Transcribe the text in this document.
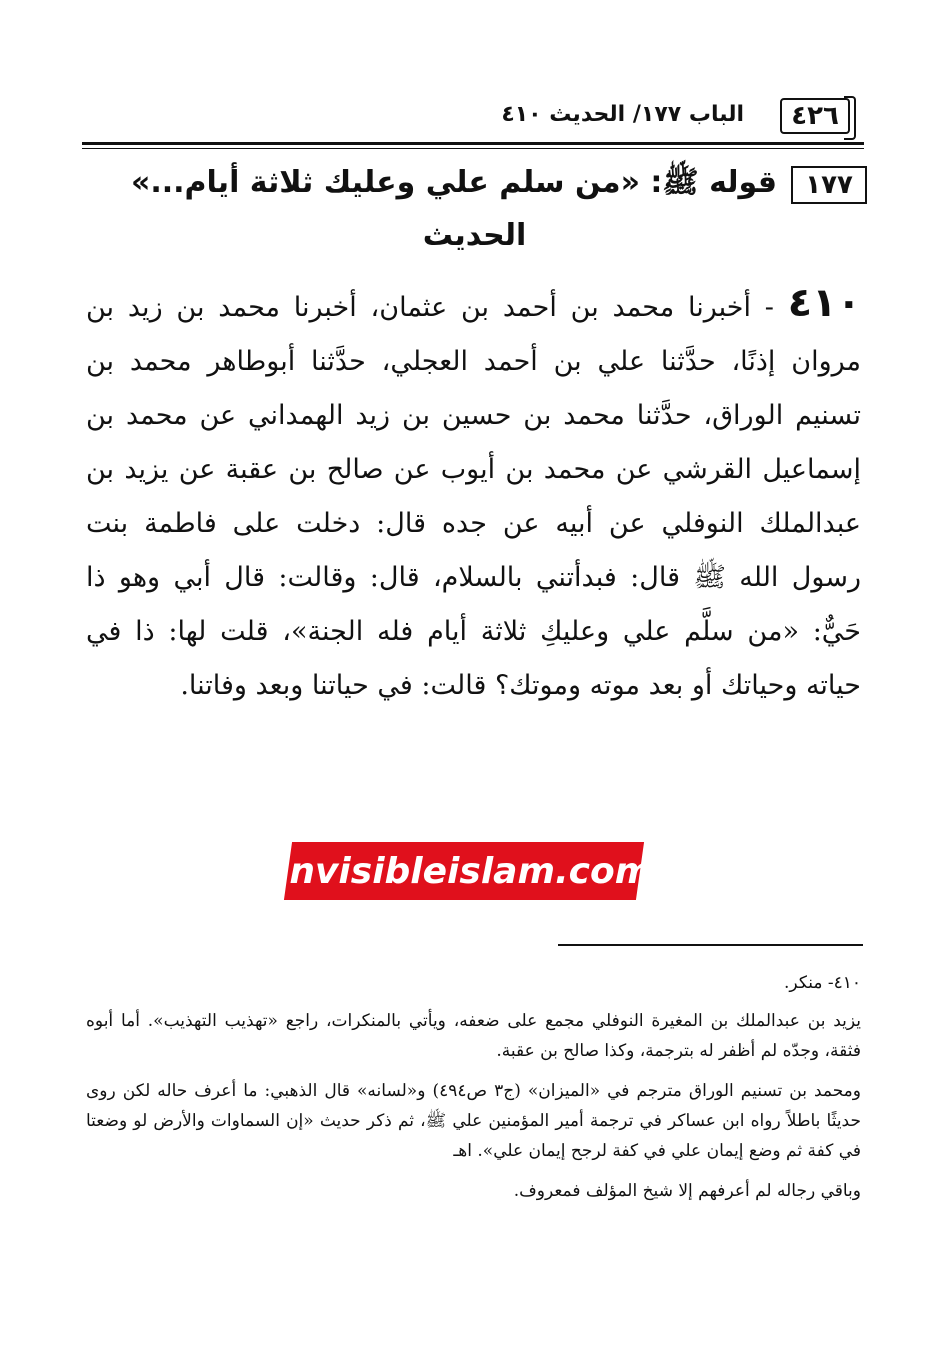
٤٢٦
الباب ١٧٧/ الحديث ٤١٠
١٧٧
قوله ﷺ: «من سلم علي وعليك ثلاثة أيام...»
الحديث

٤١٠ - أخبرنا محمد بن أحمد بن عثمان، أخبرنا محمد بن زيد بن مروان إذنًا، حدَّثنا علي بن أحمد العجلي، حدَّثنا أبوطاهر محمد بن تسنيم الوراق، حدَّثنا محمد بن حسين بن زيد الهمداني عن محمد بن إسماعيل القرشي عن محمد بن أيوب عن صالح بن عقبة عن يزيد بن عبدالملك النوفلي عن أبيه عن جده قال: دخلت على فاطمة بنت رسول الله ﷺ قال: فبدأتني بالسلام، قال: وقالت: قال أبي وهو ذا حَيٌّ: «من سلَّم علي وعليكِ ثلاثة أيام فله الجنة»، قلت لها: ذا في حياته وحياتك أو بعد موته وموتك؟ قالت: في حياتنا وبعد وفاتنا.

Invisibleislam.com

٤١٠- منكر.

يزيد بن عبدالملك بن المغيرة النوفلي مجمع على ضعفه، ويأتي بالمنكرات، راجع «تهذيب التهذيب». أما أبوه فثقة، وجدّه لم أظفر له بترجمة، وكذا صالح بن عقبة.

ومحمد بن تسنيم الوراق مترجم في «الميزان» (ج٣ ص٤٩٤) و«لسانه» قال الذهبي: ما أعرف حاله لكن روى حديثًا باطلاً رواه ابن عساكر في ترجمة أمير المؤمنين علي ﷺ، ثم ذكر حديث «إن السماوات والأرض لو وضعتا في كفة ثم وضع إيمان علي في كفة لرجح إيمان علي». اهـ

وباقي رجاله لم أعرفهم إلا شيخ المؤلف فمعروف.
